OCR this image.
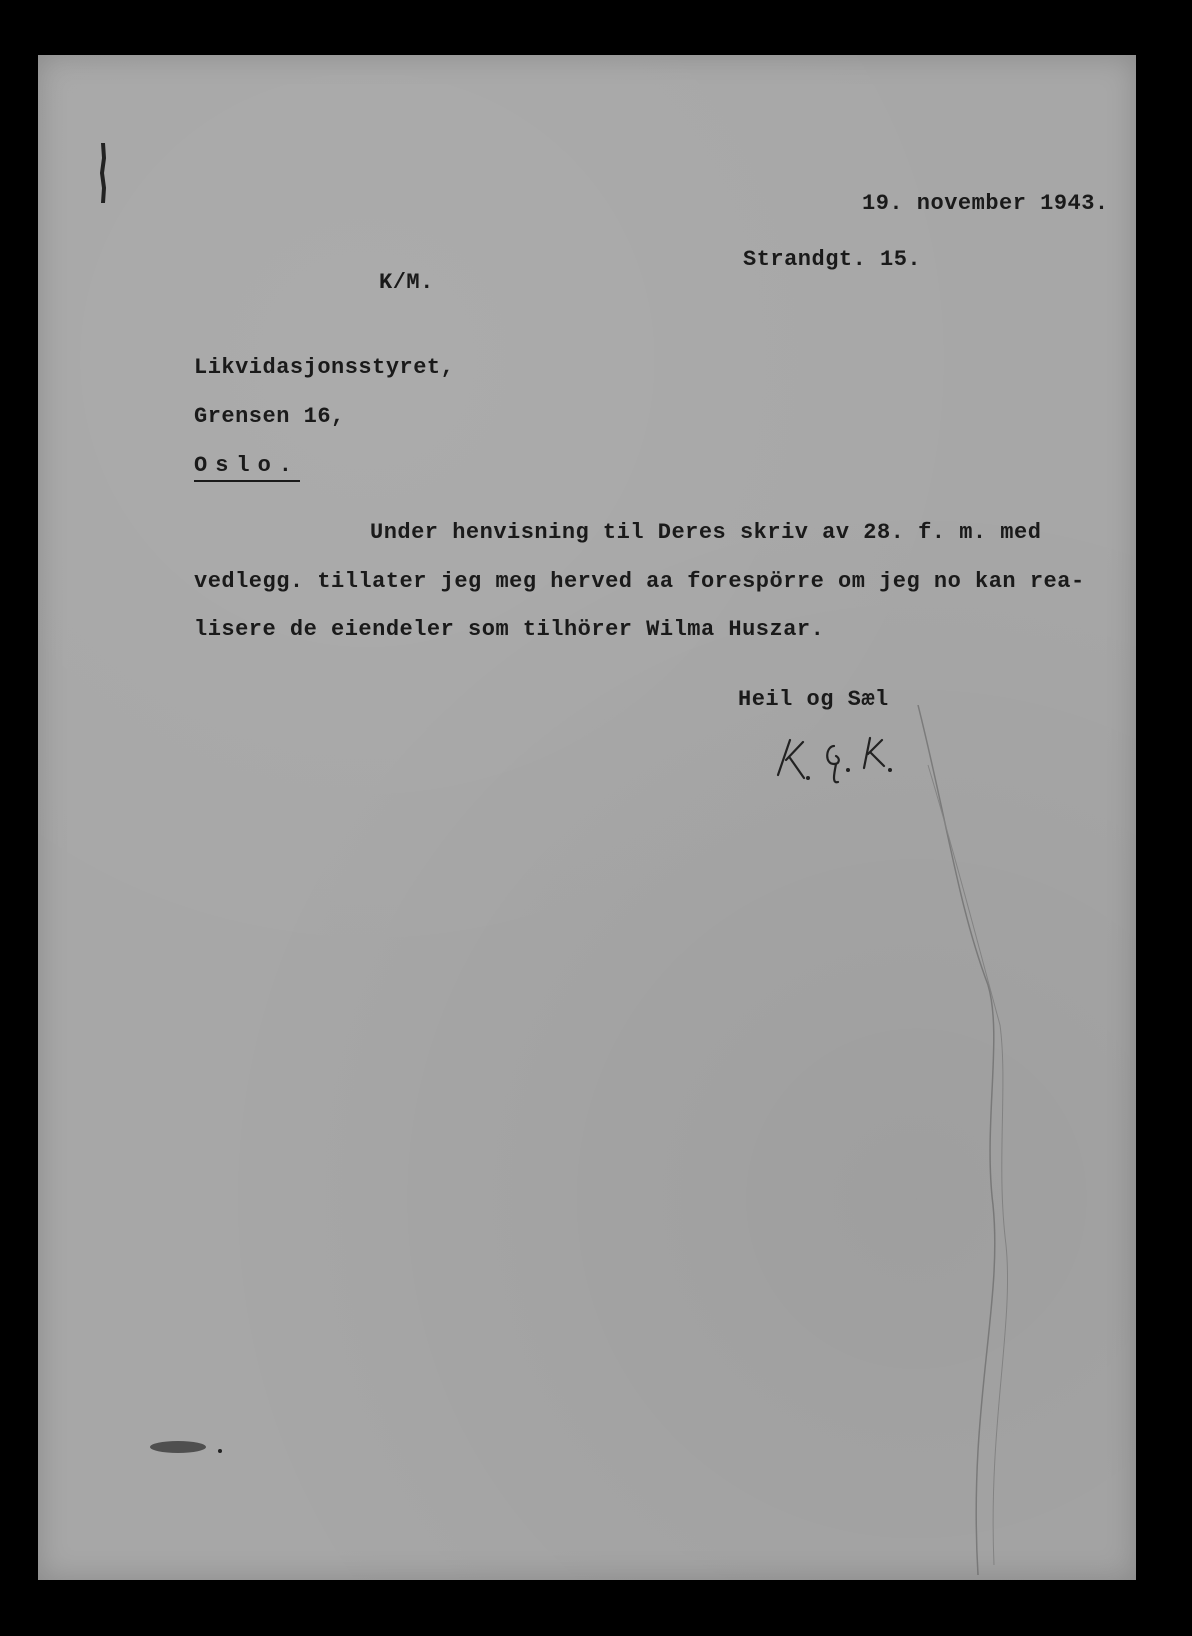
19. november 1943.
Strandgt. 15.
K/M.
Likvidasjonsstyret,
Grensen 16,
Oslo.
Under henvisning til Deres skriv av 28. f. m. med
vedlegg. tillater jeg meg herved aa forespörre om jeg no kan rea-
lisere de eiendeler som tilhörer Wilma Huszar.
Heil og Sæl
